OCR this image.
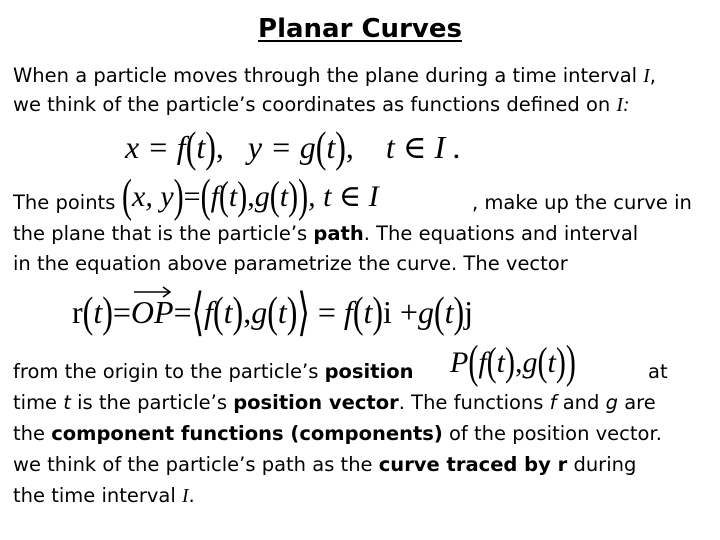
Planar Curves
When a particle moves through the plane during a time interval I,
we think of the particle’s coordinates as functions defined on I:
x = f(t), y = g(t), t ∈ I .
The points (x, y)=(f(t),g(t)), t ∈ I	, make up the curve in
the plane that is the particle’s path. The equations and interval
in the equation above parametrize the curve. The vector
r(t)=
OP=⟨f(t),g(t)⟩ = f(t)i +g(t)j
from the origin to the particle’s position P(f(t),g(t))	at
time t is the particle’s position vector. The functions f and g are
the component functions (components) of the position vector.
we think of the particle’s path as the curve traced by r during
the time interval I.
